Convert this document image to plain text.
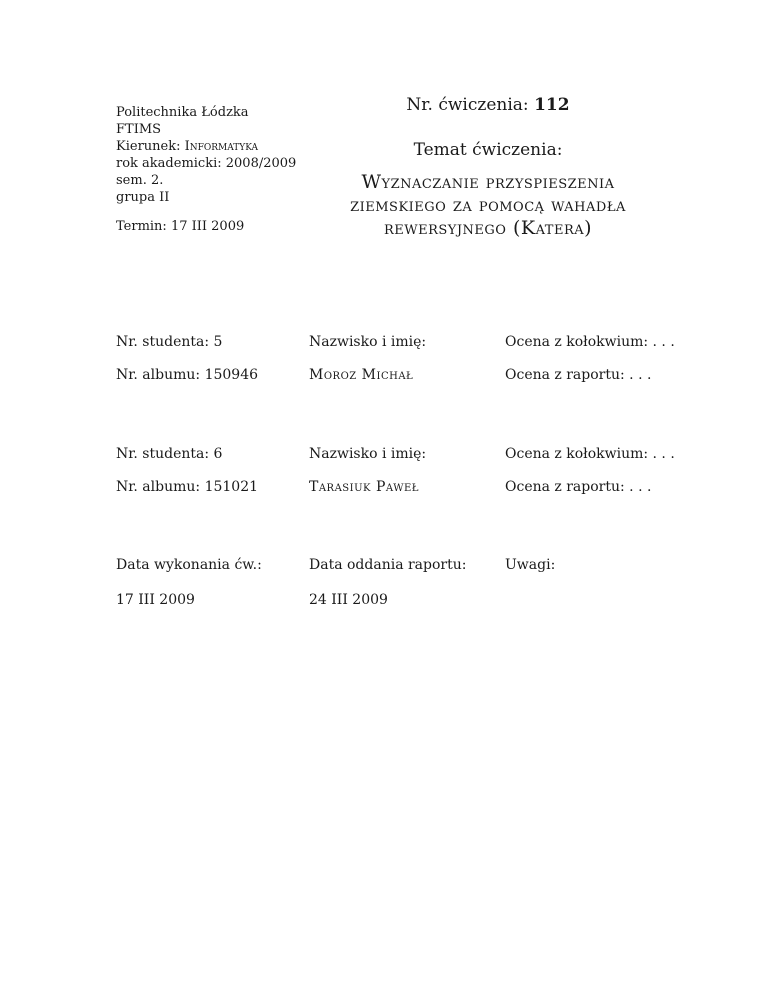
Politechnika Łódzka
FTIMS
Kierunek: Informatyka
rok akademicki: 2008/2009
sem. 2.
grupa II
Termin: 17 III 2009
Nr. ćwiczenia: 112
Temat ćwiczenia:
Wyznaczanie przyspieszenia
ziemskiego za pomocą wahadła
rewersyjnego (Katera)
Nr. studenta: 5	Nazwisko i imię:	Ocena z kołokwium: . . .
Nr. albumu: 150946	Moroz Michał	Ocena z raportu: . . .
Nr. studenta: 6	Nazwisko i imię:	Ocena z kołokwium: . . .
Nr. albumu: 151021	Tarasiuk Paweł	Ocena z raportu: . . .
Data wykonania ćw.:	Data oddania raportu:	Uwagi:
17 III 2009	24 III 2009
